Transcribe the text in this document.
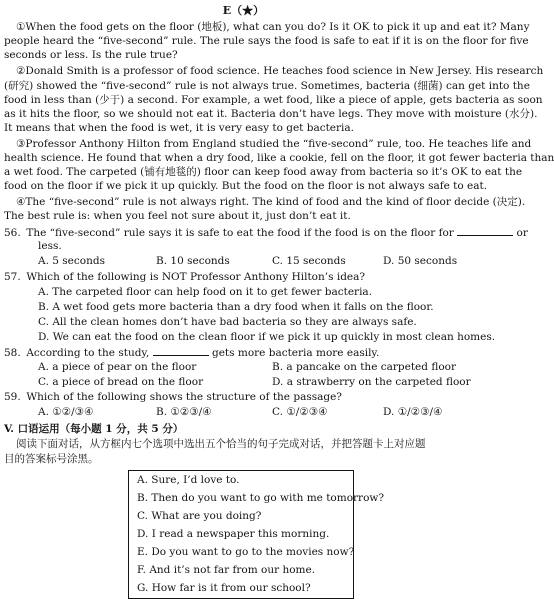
E（★）
①When the food gets on the floor (地板), what can you do? Is it OK to pick it up and eat it? Many
people heard the “five-second” rule. The rule says the food is safe to eat if it is on the floor for five
seconds or less. Is the rule true?
②Donald Smith is a professor of food science. He teaches food science in New Jersey. His research
(研究) showed the “five-second” rule is not always true. Sometimes, bacteria (细菌) can get into the
food in less than (少于) a second. For example, a wet food, like a piece of apple, gets bacteria as soon
as it hits the floor, so we should not eat it. Bacteria don’t have legs. They move with moisture (水分).
It means that when the food is wet, it is very easy to get bacteria.
③Professor Anthony Hilton from England studied the “five-second” rule, too. He teaches life and
health science. He found that when a dry food, like a cookie, fell on the floor, it got fewer bacteria than
a wet food. The carpeted (铺有地毯的) floor can keep food away from bacteria so it’s OK to eat the
food on the floor if we pick it up quickly. But the food on the floor is not always safe to eat.
④The “five-second” rule is not always right. The kind of food and the kind of floor decide (决定).
The best rule is: when you feel not sure about it, just don’t eat it.
56. The “five-second” rule says it is safe to eat the food if the food is on the floor for	or
less.
A. 5 seconds	B. 10 seconds	C. 15 seconds	D. 50 seconds
57. Which of the following is NOT Professor Anthony Hilton’s idea?
A. The carpeted floor can help food on it to get fewer bacteria.
B. A wet food gets more bacteria than a dry food when it falls on the floor.
C. All the clean homes don’t have bad bacteria so they are always safe.
D. We can eat the food on the clean floor if we pick it up quickly in most clean homes.
58. According to the study,	gets more bacteria more easily.
A. a piece of pear on the floor	B. a pancake on the carpeted floor
C. a piece of bread on the floor	D. a strawberry on the carpeted floor
59. Which of the following shows the structure of the passage?
A. ①②/③④	B. ①②③/④	C. ①/②③④	D. ①/②③/④
V. 口语运用（每小题 1 分，共 5 分）
阅读下面对话，从方框内七个选项中选出五个恰当的句子完成对话，并把答题卡上对应题
目的答案标号涂黑。
A. Sure, I’d love to.
B. Then do you want to go with me tomorrow?
C. What are you doing?
D. I read a newspaper this morning.
E. Do you want to go to the movies now?
F. And it’s not far from our home.
G. How far is it from our school?
